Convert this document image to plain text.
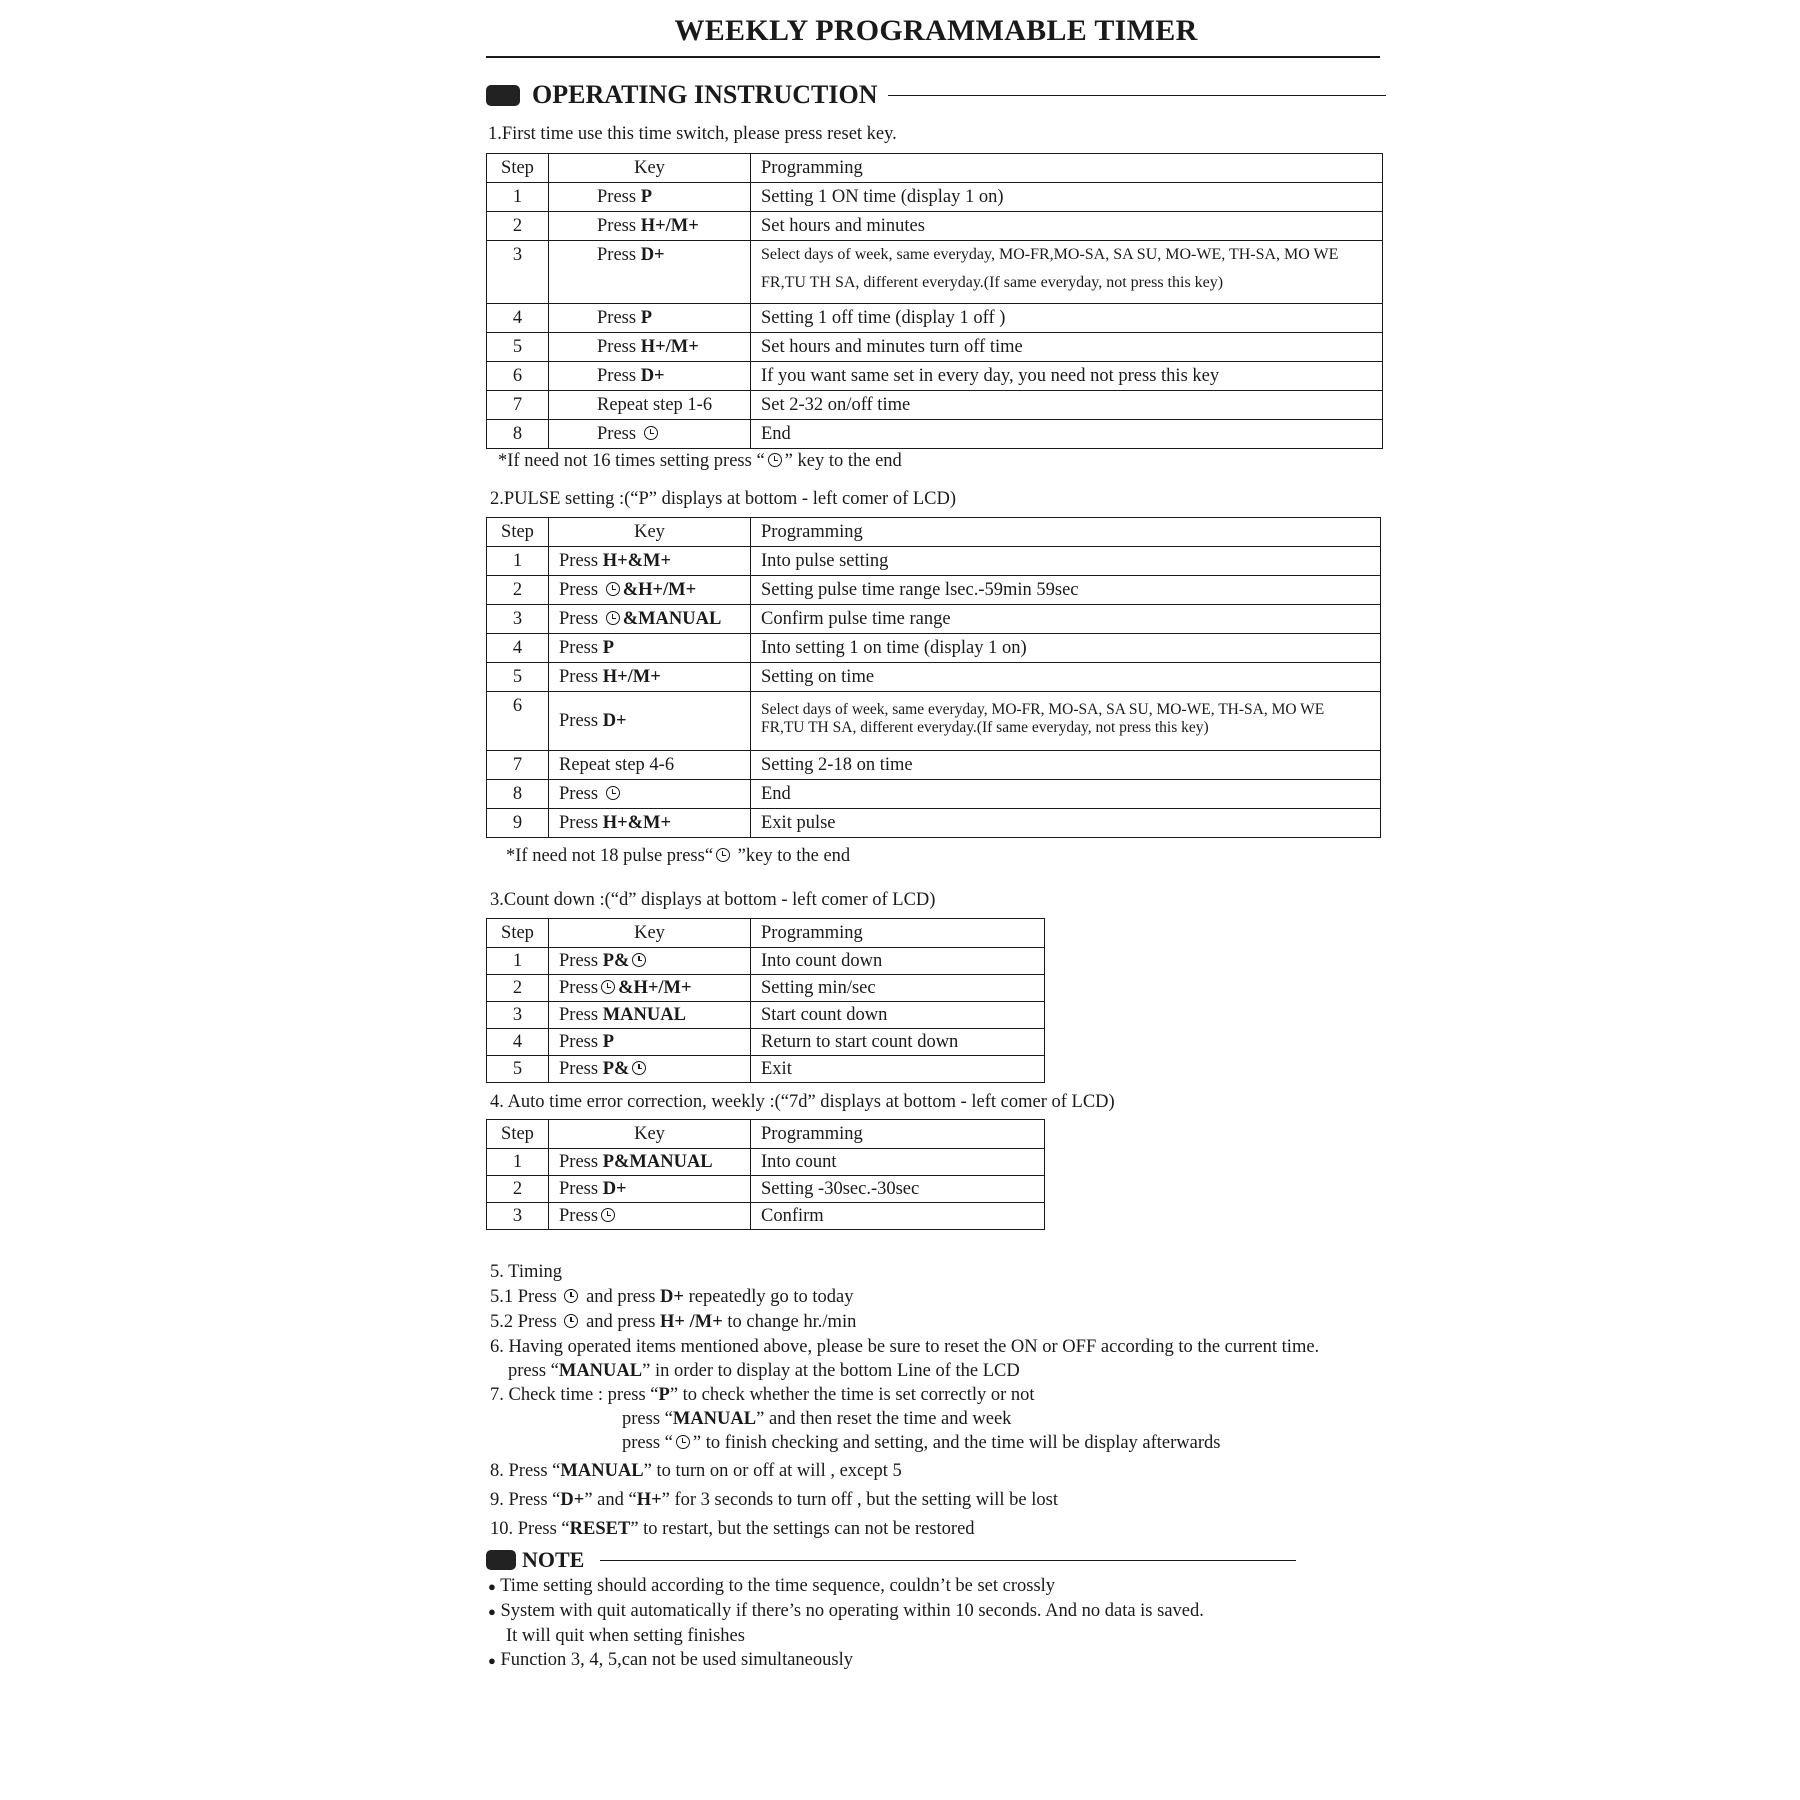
WEEKLY PROGRAMMABLE TIMER
OPERATING INSTRUCTION
1.First time use this time switch, please press reset key.
Step	Key	Programming
1	Press P	Setting 1 ON time (display 1 on)
2	Press H+/M+	Set hours and minutes
3	Press D+	Select days of week, same everyday, MO-FR,MO-SA, SA SU, MO-WE, TH-SA, MO WE FR,TU TH SA, different everyday.(If same everyday, not press this key)
4	Press P	Setting 1 off time (display 1 off )
5	Press H+/M+	Set hours and minutes turn off time
6	Press D+	If you want same set in every day, you need not press this key
7	Repeat step 1-6	Set 2-32 on/off time
8	Press	End
*If need not 16 times setting press “ ” key to the end
2.PULSE setting :(“P” displays at bottom - left comer of LCD)
Step	Key	Programming
1	Press H+&M+	Into pulse setting
2	Press &H+/M+	Setting pulse time range lsec.-59min 59sec
3	Press &MANUAL	Confirm pulse time range
4	Press P	Into setting 1 on time (display 1 on)
5	Press H+/M+	Setting on time
6	Press D+	Select days of week, same everyday, MO-FR, MO-SA, SA SU, MO-WE, TH-SA, MO WE FR,TU TH SA, different everyday.(If same everyday, not press this key)
7	Repeat step 4-6	Setting 2-18 on time
8	Press	End
9	Press H+&M+	Exit pulse
*If need not 18 pulse press“ ”key to the end
3.Count down :(“d” displays at bottom - left comer of LCD)
Step	Key	Programming
1	Press P&	Into count down
2	Press &H+/M+	Setting min/sec
3	Press MANUAL	Start count down
4	Press P	Return to start count down
5	Press P&	Exit
4. Auto time error correction, weekly :(“7d” displays at bottom - left comer of LCD)
Step	Key	Programming
1	Press P&MANUAL	Into count
2	Press D+	Setting -30sec.-30sec
3	Press	Confirm
5. Timing
5.1 Press  and press D+ repeatedly go to today
5.2 Press  and press H+ /M+ to change hr./min
6. Having operated items mentioned above, please be sure to reset the ON or OFF according to the current time.
press “MANUAL” in order to display at the bottom Line of the LCD
7. Check time : press “P” to check whether the time is set correctly or not
press “MANUAL” and then reset the time and week
press “ ” to finish checking and setting, and the time will be display afterwards
8. Press “MANUAL” to turn on or off at will , except 5
9. Press “D+” and “H+” for 3 seconds to turn off , but the setting will be lost
10. Press “RESET” to restart, but the settings can not be restored
NOTE
● Time setting should according to the time sequence, couldn’t be set crossly
● System with quit automatically if there’s no operating within 10 seconds. And no data is saved.
It will quit when setting finishes
● Function 3, 4, 5,can not be used simultaneously
